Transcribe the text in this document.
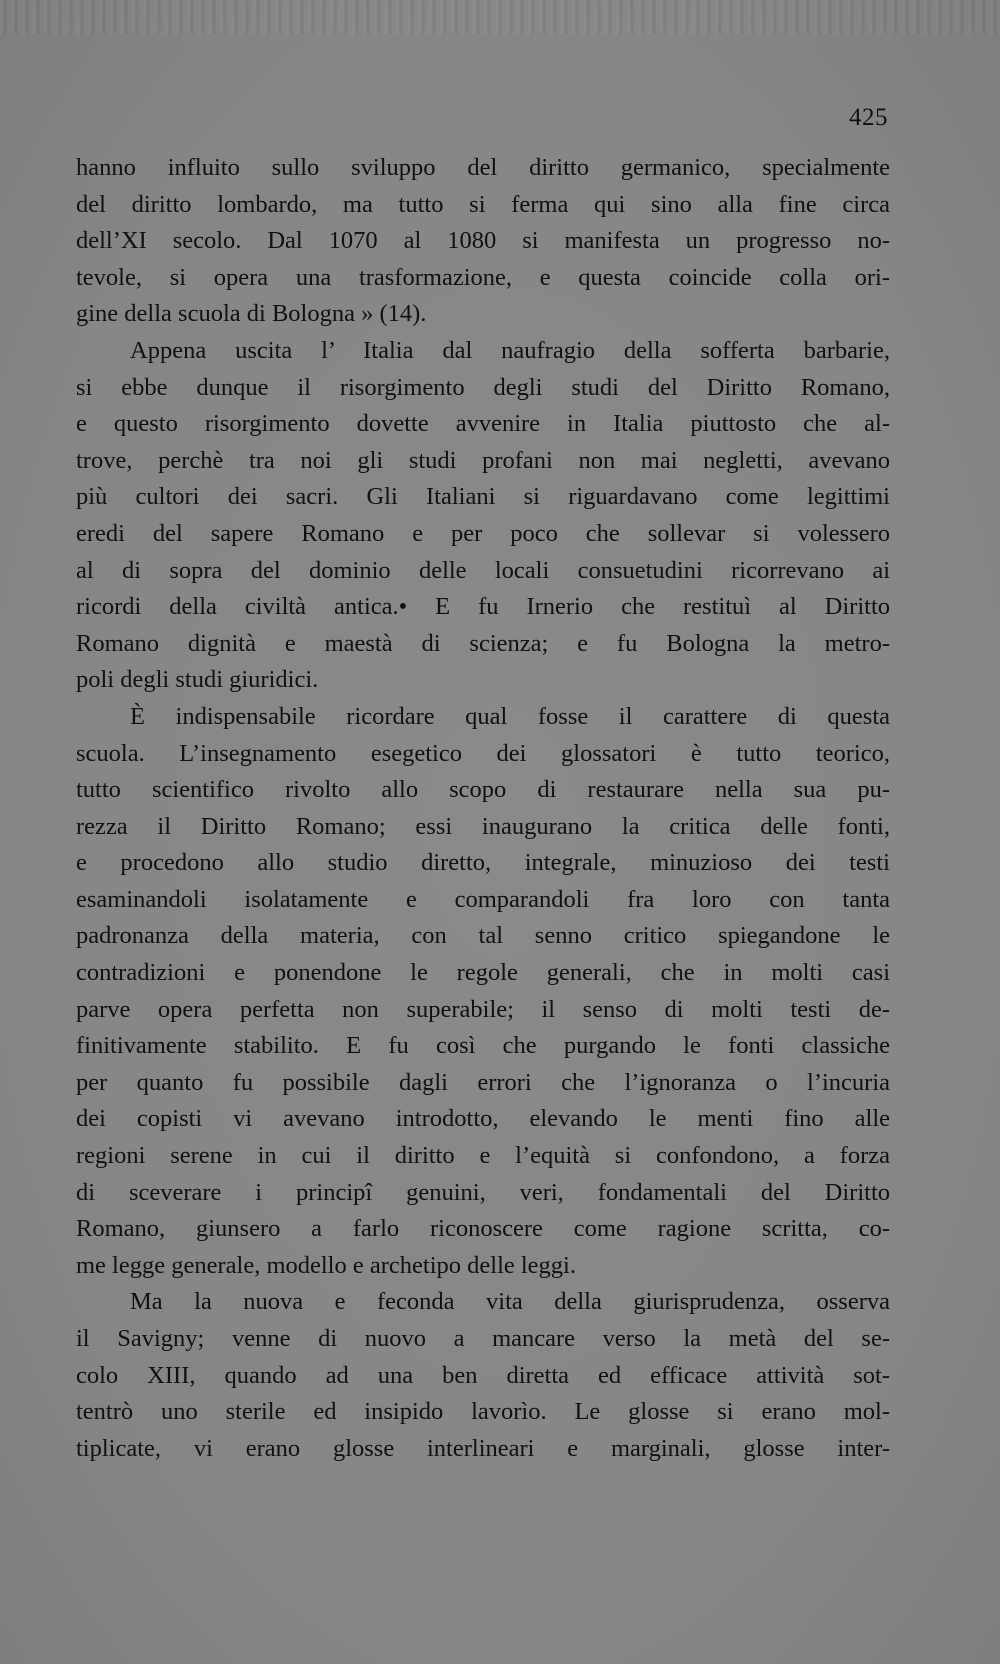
425
hanno influito sullo sviluppo del diritto germanico, specialmente
del diritto lombardo, ma tutto si ferma qui sino alla fine circa
dell’XI secolo. Dal 1070 al 1080 si manifesta un progresso no-
tevole, si opera una trasformazione, e questa coincide colla ori-
gine della scuola di Bologna » (14).
Appena uscita l’ Italia dal naufragio della sofferta barbarie,
si ebbe dunque il risorgimento degli studi del Diritto Romano,
e questo risorgimento dovette avvenire in Italia piuttosto che al-
trove, perchè tra noi gli studi profani non mai negletti, avevano
più cultori dei sacri. Gli Italiani si riguardavano come legittimi
eredi del sapere Romano e per poco che sollevar si volessero
al di sopra del dominio delle locali consuetudini ricorrevano ai
ricordi della civiltà antica.• E fu Irnerio che restituì al Diritto
Romano dignità e maestà di scienza; e fu Bologna la metro-
poli degli studi giuridici.
È indispensabile ricordare qual fosse il carattere di questa
scuola. L’insegnamento esegetico dei glossatori è tutto teorico,
tutto scientifico rivolto allo scopo di restaurare nella sua pu-
rezza il Diritto Romano; essi inaugurano la critica delle fonti,
e procedono allo studio diretto, integrale, minuzioso dei testi
esaminandoli isolatamente e comparandoli fra loro con tanta
padronanza della materia, con tal senno critico spiegandone le
contradizioni e ponendone le regole generali, che in molti casi
parve opera perfetta non superabile; il senso di molti testi de-
finitivamente stabilito. E fu così che purgando le fonti classiche
per quanto fu possibile dagli errori che l’ignoranza o l’incuria
dei copisti vi avevano introdotto, elevando le menti fino alle
regioni serene in cui il diritto e l’equità si confondono, a forza
di sceverare i principî genuini, veri, fondamentali del Diritto
Romano, giunsero a farlo riconoscere come ragione scritta, co-
me legge generale, modello e archetipo delle leggi.
Ma la nuova e feconda vita della giurisprudenza, osserva
il Savigny; venne di nuovo a mancare verso la metà del se-
colo XIII, quando ad una ben diretta ed efficace attività sot-
tentrò uno sterile ed insipido lavorìo. Le glosse si erano mol-
tiplicate, vi erano glosse interlineari e marginali, glosse inter-
